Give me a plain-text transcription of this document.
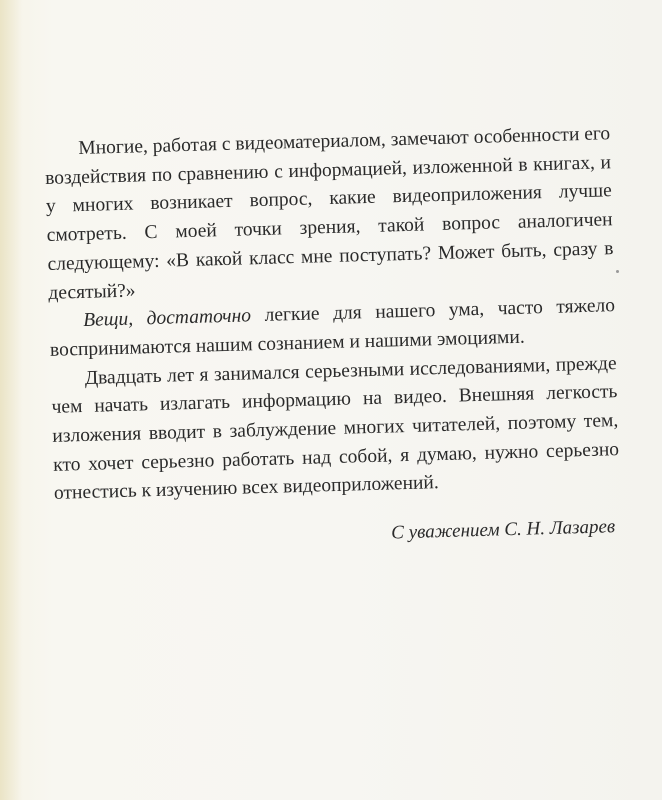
Многие, работая с видеоматериалом, замечают особенности его воздействия по сравнению с информацией, изложенной в книгах, и у многих возникает вопрос, какие видеоприложения лучше смотреть. С моей точки зрения, такой вопрос аналогичен следующему: «В какой класс мне поступать? Может быть, сразу в десятый?»

Вещи, достаточно легкие для нашего ума, часто тяжело воспринимаются нашим сознанием и нашими эмоциями.

Двадцать лет я занимался серьезными исследованиями, прежде чем начать излагать информацию на видео. Внешняя легкость изложения вводит в заблуждение многих читателей, поэтому тем, кто хочет серьезно работать над собой, я думаю, нужно серьезно отнестись к изучению всех видеоприложений.

С уважением С. Н. Лазарев
